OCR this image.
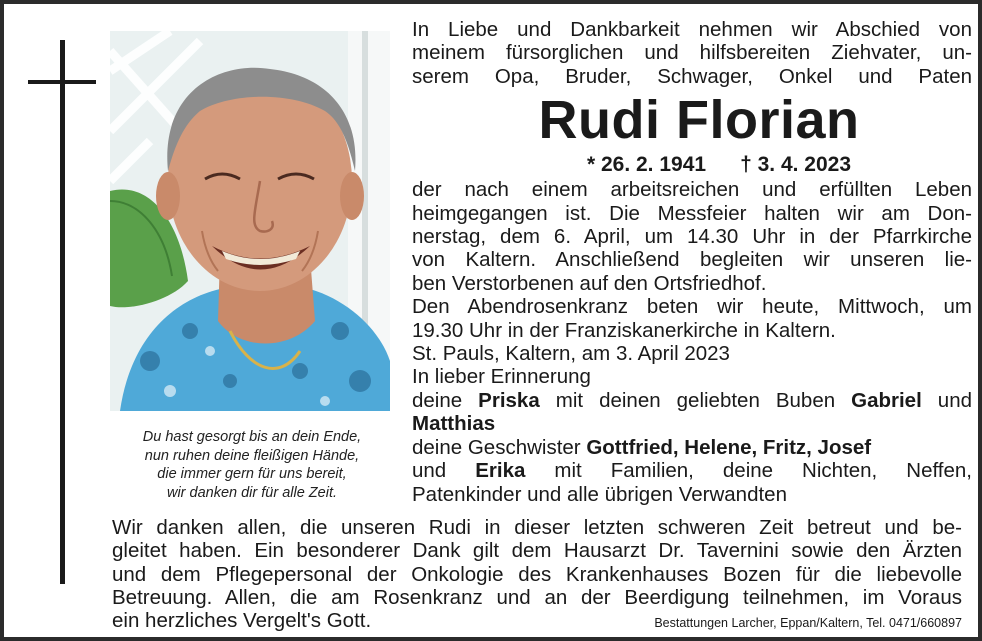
Du hast gesorgt bis an dein Ende,
nun ruhen deine fleißigen Hände,
die immer gern für uns bereit,
wir danken dir für alle Zeit.
In Liebe und Dankbarkeit nehmen wir Abschied von
meinem fürsorglichen und hilfsbereiten Ziehvater, un-
serem Opa, Bruder, Schwager, Onkel und Paten
Rudi Florian
* 26. 2. 1941 † 3. 4. 2023
der nach einem arbeitsreichen und erfüllten Leben
heimgegangen ist. Die Messfeier halten wir am Don-
nerstag, dem 6. April, um 14.30 Uhr in der Pfarrkirche
von Kaltern. Anschließend begleiten wir unseren lie-
ben Verstorbenen auf den Ortsfriedhof.
Den Abendrosenkranz beten wir heute, Mittwoch, um
19.30 Uhr in der Franziskanerkirche in Kaltern.
St. Pauls, Kaltern, am 3. April 2023
In lieber Erinnerung
deine Priska mit deinen geliebten Buben Gabriel und
Matthias
deine Geschwister Gottfried, Helene, Fritz, Josef
und Erika mit Familien, deine Nichten, Neffen,
Patenkinder und alle übrigen Verwandten
Wir danken allen, die unseren Rudi in dieser letzten schweren Zeit betreut und be-
gleitet haben. Ein besonderer Dank gilt dem Hausarzt Dr. Tavernini sowie den Ärzten
und dem Pflegepersonal der Onkologie des Krankenhauses Bozen für die liebevolle
Betreuung. Allen, die am Rosenkranz und an der Beerdigung teilnehmen, im Voraus
ein herzliches Vergelt's Gott.	Bestattungen Larcher, Eppan/Kaltern, Tel. 0471/660897
